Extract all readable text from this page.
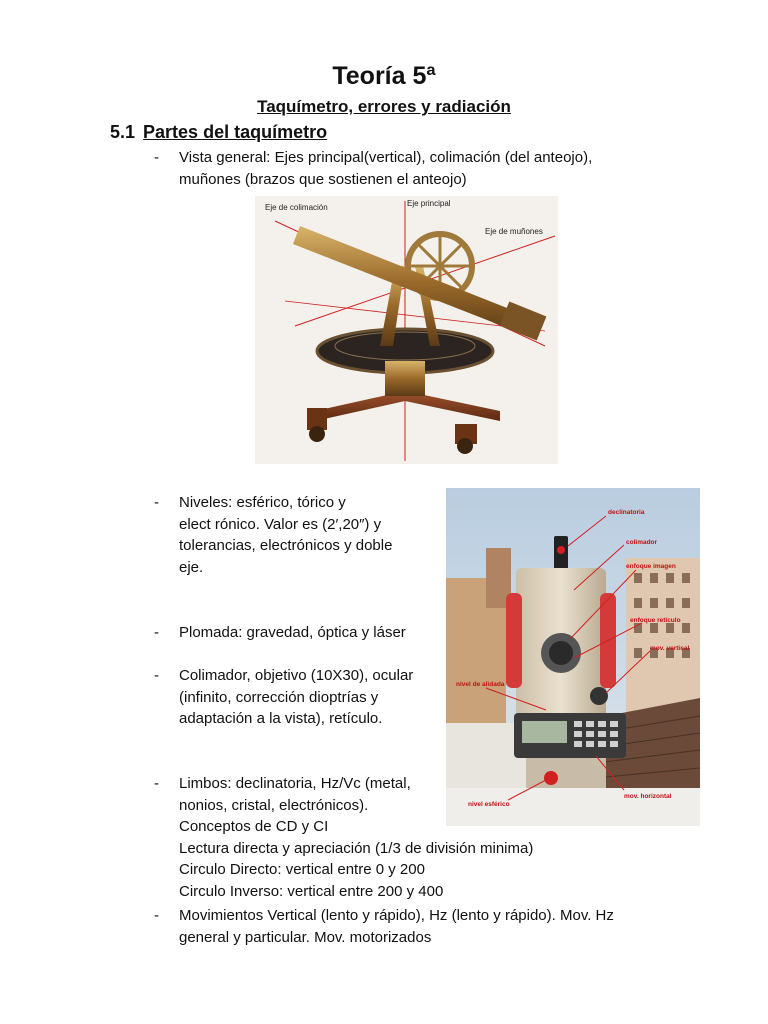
Teoría 5ª
Taquímetro, errores y radiación
5.1 Partes del taquímetro
- Vista general: Ejes principal(vertical), colimación (del anteojo),
muñones (brazos que sostienen el anteojo)
Eje de colimación	Eje principal
Eje de muñones
- Niveles: esférico, tórico y
elect rónico. Valor es (2′,20″) y
tolerancias, electrónicos y doble
eje.
- Plomada: gravedad, óptica y láser
- Colimador, objetivo (10X30), ocular
(infinito, corrección dioptrías y
adaptación a la vista), retículo.
- Limbos: declinatoria, Hz/Vc (metal,
nonios, cristal, electrónicos).
Conceptos de CD y CI
Lectura directa y apreciación (1/3 de división minima)
Circulo Directo: vertical entre 0 y 200
Circulo Inverso: vertical entre 200 y 400
- Movimientos Vertical (lento y rápido), Hz (lento y rápido). Mov. Hz
general y particular. Mov. motorizados
declinatoria
colimador
enfoque imagen
enfoque retículo
mov. vertical
nivel de alidada
nivel esférico
mov. horizontal
